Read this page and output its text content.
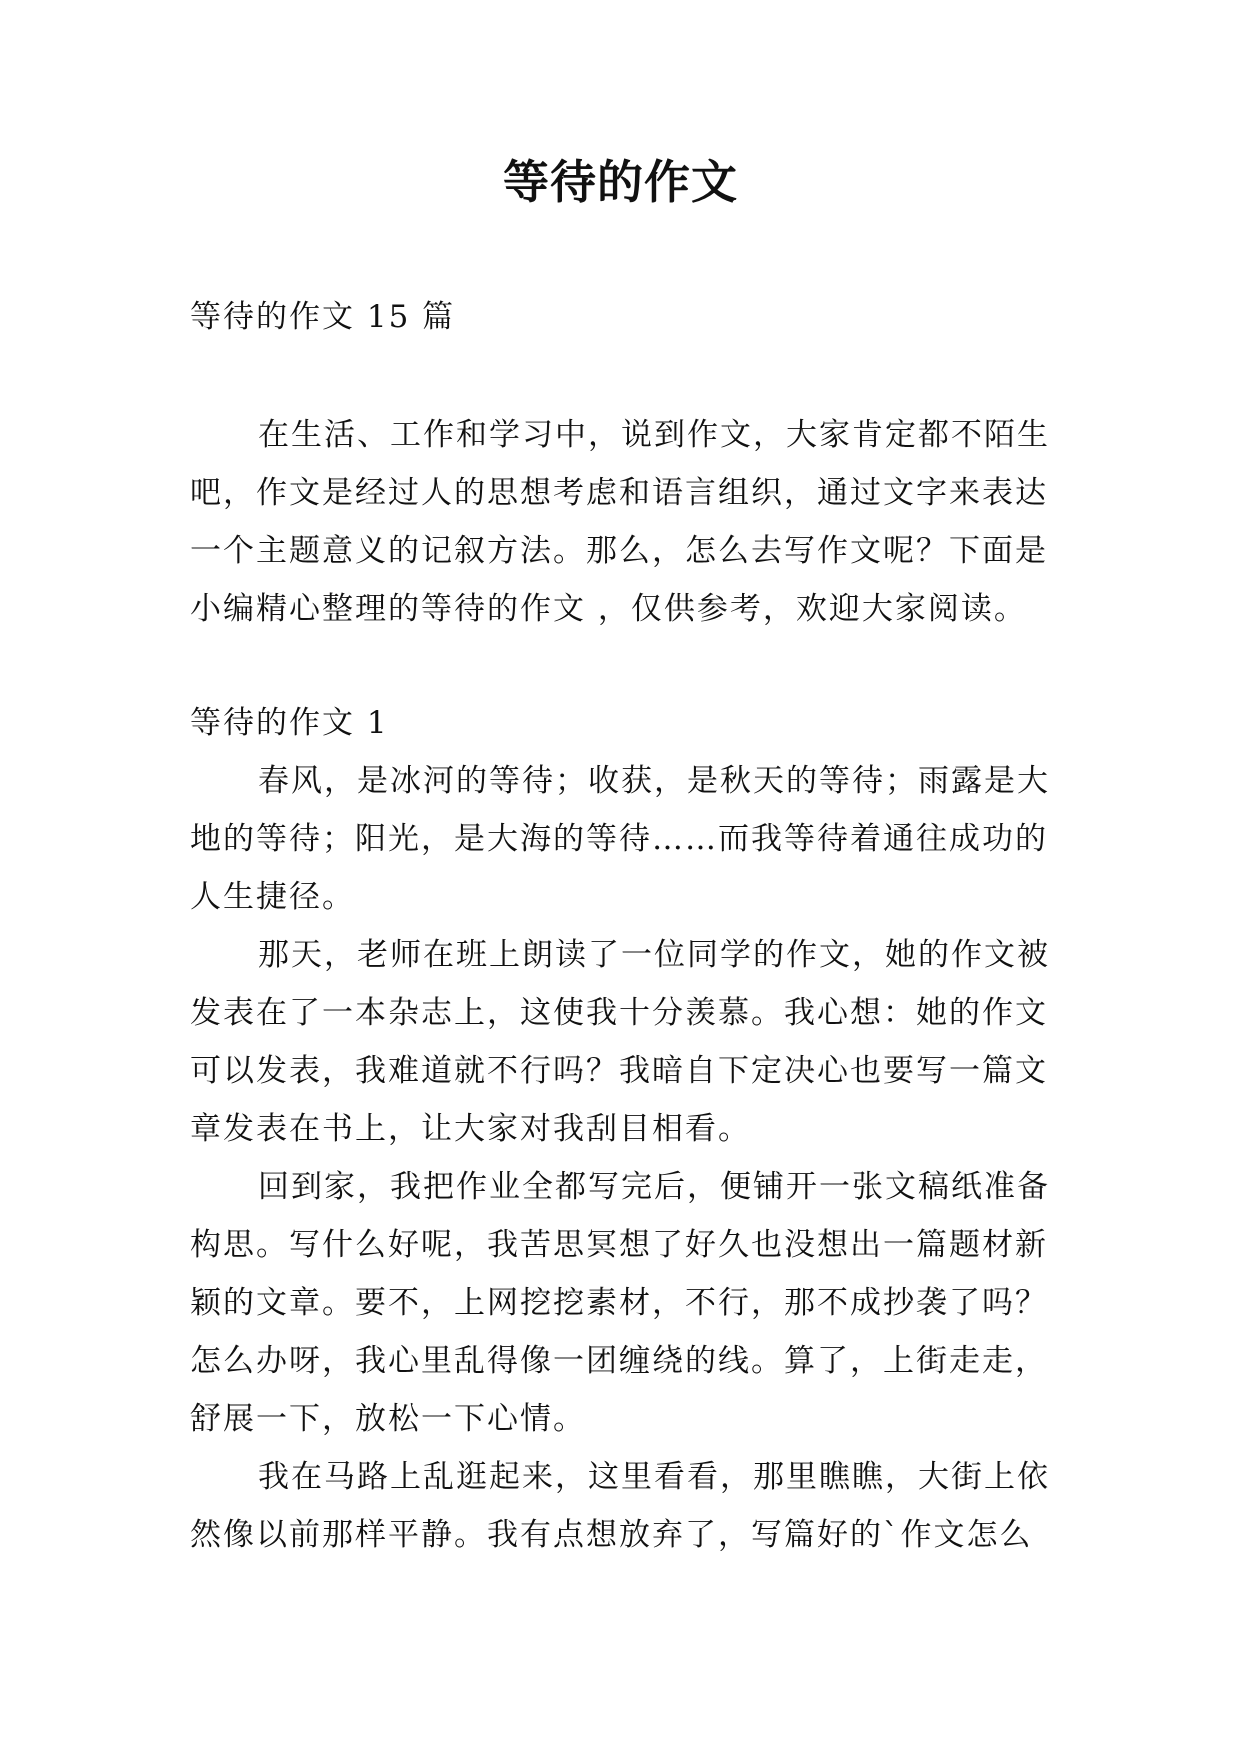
等待的作文
等待的作文 15 篇

在生活、工作和学习中，说到作文，大家肯定都不陌生吧，作文是经过人的思想考虑和语言组织，通过文字来表达一个主题意义的记叙方法。那么，怎么去写作文呢？下面是小编精心整理的等待的作文 ，仅供参考，欢迎大家阅读。

等待的作文 1

春风，是冰河的等待；收获，是秋天的等待；雨露是大地的等待；阳光，是大海的等待……而我等待着通往成功的人生捷径。

那天，老师在班上朗读了一位同学的作文，她的作文被发表在了一本杂志上，这使我十分羡慕。我心想：她的作文可以发表，我难道就不行吗？我暗自下定决心也要写一篇文章发表在书上，让大家对我刮目相看。

回到家，我把作业全都写完后，便铺开一张文稿纸准备构思。写什么好呢，我苦思冥想了好久也没想出一篇题材新颖的文章。要不，上网挖挖素材，不行，那不成抄袭了吗？怎么办呀，我心里乱得像一团缠绕的线。算了，上街走走，舒展一下，放松一下心情。

我在马路上乱逛起来，这里看看，那里瞧瞧，大街上依然像以前那样平静。我有点想放弃了，写篇好的`作文怎么
